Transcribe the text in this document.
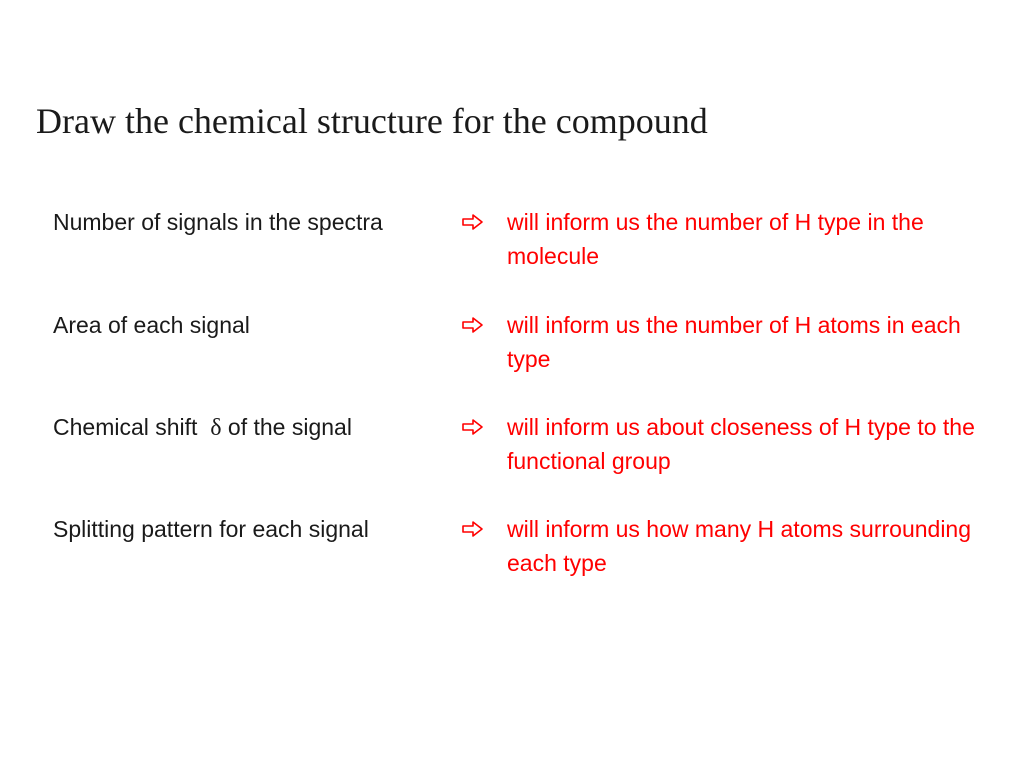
Draw the chemical structure for the compound
Number of signals in the spectra	will inform us the number of H type in the molecule
Area of each signal	will inform us the number of H atoms in each type
Chemical shift δ of the signal	will inform us about closeness of H type to the functional group
Splitting pattern for each signal	will inform us how many H atoms surrounding each type
